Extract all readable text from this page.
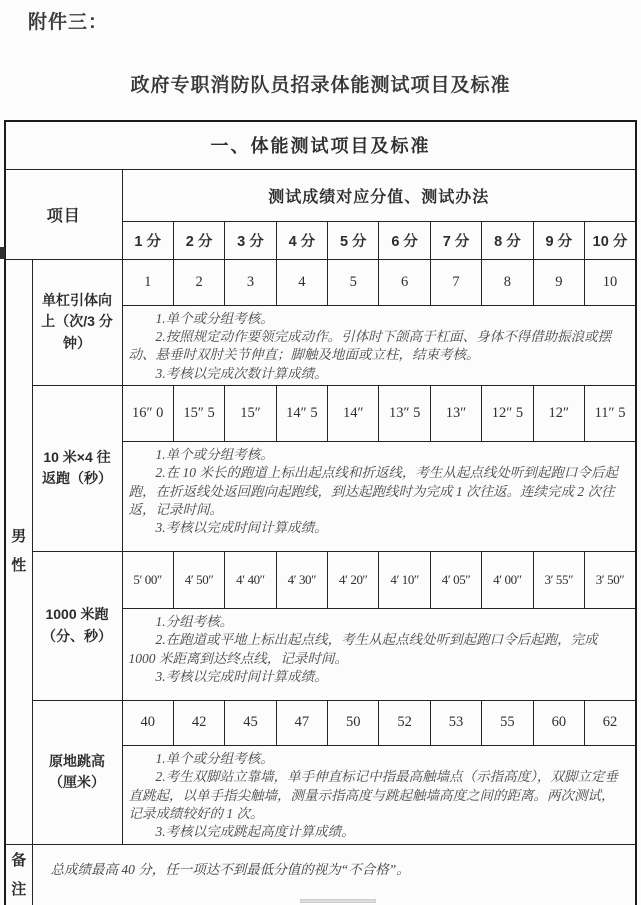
附件三：
政府专职消防队员招录体能测试项目及标准
一、体能测试项目及标准											
项目		测试成绩对应分值、测试办法									
		1 分	2 分	3 分	4 分	5 分	6 分	7 分	8 分	9 分	10 分
男性	单杠引体向上（次/3 分钟）	1	2	3	4	5	6	7	8	9	10

		1.单个或分组考核。

2.按照规定动作要领完成动作。引体时下颌高于杠面、身体不得借助振浪或摆动、悬垂时双肘关节伸直；脚触及地面或立柱，结束考核。

3.考核以完成次数计算成绩。									

	10 米×4 往返跑（秒）	16″ 0	15″ 5	15″	14″ 5	14″	13″ 5	13″	12″ 5	12″	11″ 5

		1.单个或分组考核。

2.在 10 米长的跑道上标出起点线和折返线，考生从起点线处听到起跑口令后起跑，在折返线处返回跑向起跑线，到达起跑线时为完成 1 次往返。连续完成 2 次往返，记录时间。

3.考核以完成时间计算成绩。									

	1000 米跑（分、秒）	5′ 00″	4′ 50″	4′ 40″	4′ 30″	4′ 20″	4′ 10″	4′ 05″	4′ 00″	3′ 55″	3′ 50″

		1.分组考核。

2.在跑道或平地上标出起点线，考生从起点线处听到起跑口令后起跑，完成 1000 米距离到达终点线，记录时间。

3.考核以完成时间计算成绩。									

	原地跳高（厘米）	40	42	45	47	50	52	53	55	60	62

		1.单个或分组考核。

2.考生双脚站立靠墙，单手伸直标记中指最高触墙点（示指高度），双脚立定垂直跳起，以单手指尖触墙，测量示指高度与跳起触墙高度之间的距离。两次测试，记录成绩较好的 1 次。

3.考核以完成跳起高度计算成绩。									

备注	总成绩最高 40 分，任一项达不到最低分值的视为“不合格”。										
